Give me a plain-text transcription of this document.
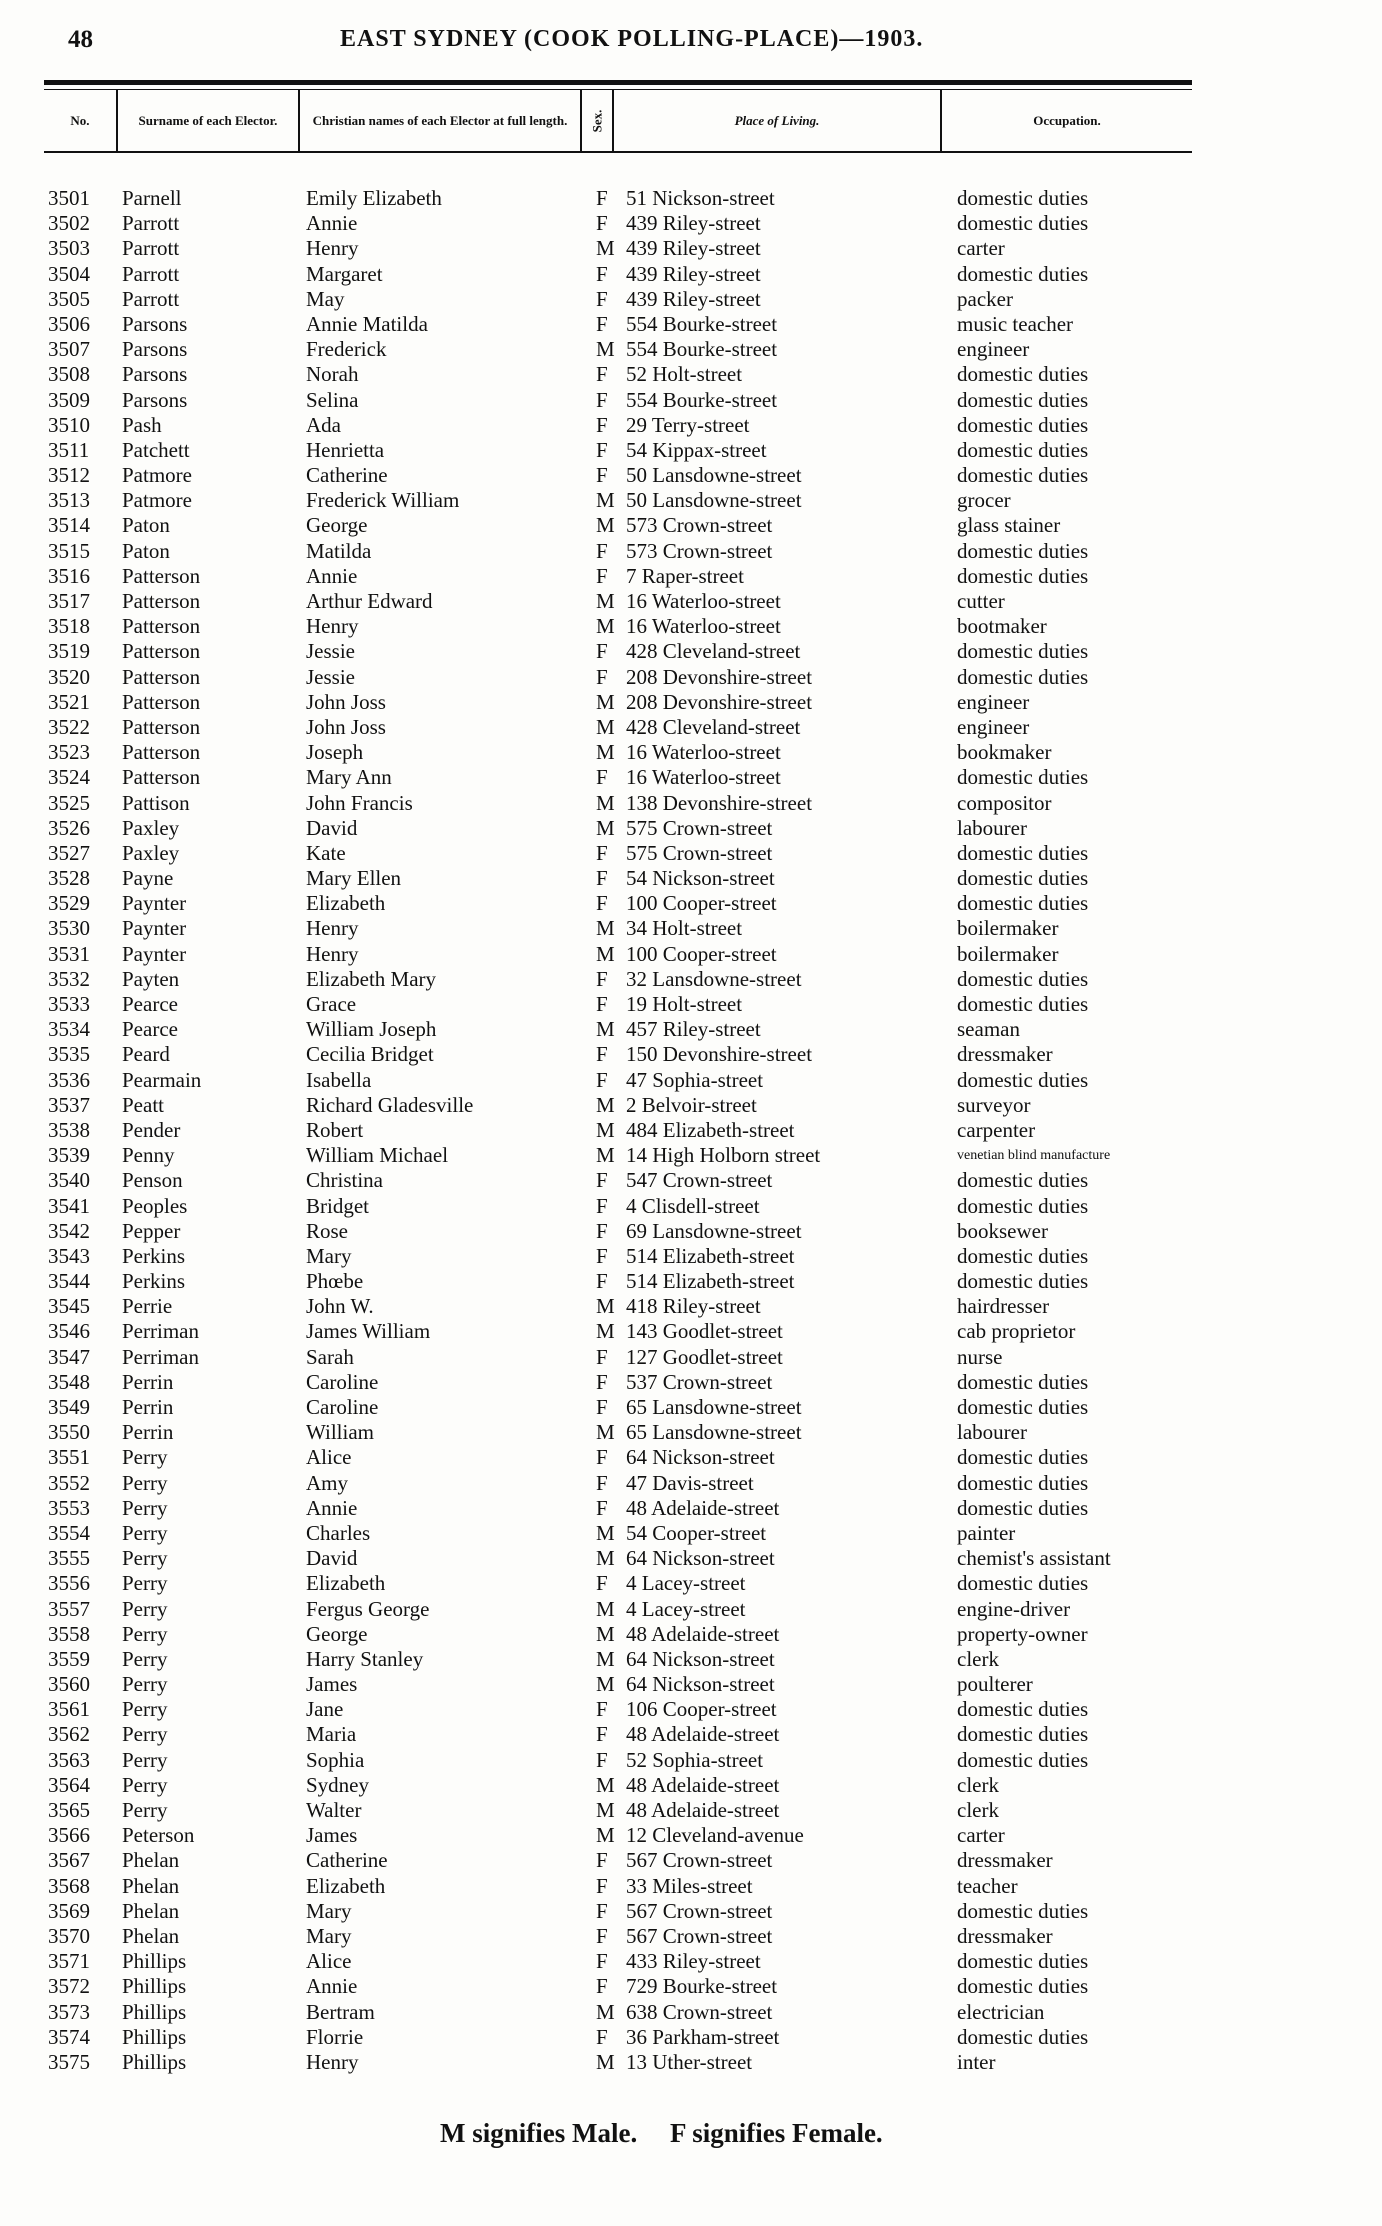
48	EAST SYDNEY (COOK POLLING-PLACE)—1903.
No.	Surname of each Elector.	Christian names of each Elector at full length.	Sex.	Place of Living.	Occupation.
3501 Parnell	Emily Elizabeth	F 51 Nickson-street	domestic duties
3502 Parrott	Annie	F 439 Riley-street	domestic duties
3503 Parrott	Henry	M 439 Riley-street	carter
3504 Parrott	Margaret	F 439 Riley-street	domestic duties
3505 Parrott	May	F 439 Riley-street	packer
3506 Parsons	Annie Matilda	F 554 Bourke-street	music teacher
3507 Parsons	Frederick	M 554 Bourke-street	engineer
3508 Parsons	Norah	F 52 Holt-street	domestic duties
3509 Parsons	Selina	F 554 Bourke-street	domestic duties
3510 Pash	Ada	F 29 Terry-street	domestic duties
3511 Patchett	Henrietta	F 54 Kippax-street	domestic duties
3512 Patmore	Catherine	F 50 Lansdowne-street	domestic duties
3513 Patmore	Frederick William	M 50 Lansdowne-street	grocer
3514 Paton	George	M 573 Crown-street	glass stainer
3515 Paton	Matilda	F 573 Crown-street	domestic duties
3516 Patterson	Annie	F 7 Raper-street	domestic duties
3517 Patterson	Arthur Edward	M 16 Waterloo-street	cutter
3518 Patterson	Henry	M 16 Waterloo-street	bootmaker
3519 Patterson	Jessie	F 428 Cleveland-street	domestic duties
3520 Patterson	Jessie	F 208 Devonshire-street	domestic duties
3521 Patterson	John Joss	M 208 Devonshire-street	engineer
3522 Patterson	John Joss	M 428 Cleveland-street	engineer
3523 Patterson	Joseph	M 16 Waterloo-street	bookmaker
3524 Patterson	Mary Ann	F 16 Waterloo-street	domestic duties
3525 Pattison	John Francis	M 138 Devonshire-street	compositor
3526 Paxley	David	M 575 Crown-street	labourer
3527 Paxley	Kate	F 575 Crown-street	domestic duties
3528 Payne	Mary Ellen	F 54 Nickson-street	domestic duties
3529 Paynter	Elizabeth	F 100 Cooper-street	domestic duties
3530 Paynter	Henry	M 34 Holt-street	boilermaker
3531 Paynter	Henry	M 100 Cooper-street	boilermaker
3532 Payten	Elizabeth Mary	F 32 Lansdowne-street	domestic duties
3533 Pearce	Grace	F 19 Holt-street	domestic duties
3534 Pearce	William Joseph	M 457 Riley-street	seaman
3535 Peard	Cecilia Bridget	F 150 Devonshire-street	dressmaker
3536 Pearmain	Isabella	F 47 Sophia-street	domestic duties
3537 Peatt	Richard Gladesville	M 2 Belvoir-street	surveyor
3538 Pender	Robert	M 484 Elizabeth-street	carpenter
3539 Penny	William Michael	M 14 High Holborn street	venetian blind manufacture
3540 Penson	Christina	F 547 Crown-street	domestic duties
3541 Peoples	Bridget	F 4 Clisdell-street	domestic duties
3542 Pepper	Rose	F 69 Lansdowne-street	booksewer
3543 Perkins	Mary	F 514 Elizabeth-street	domestic duties
3544 Perkins	Phœbe	F 514 Elizabeth-street	domestic duties
3545 Perrie	John W.	M 418 Riley-street	hairdresser
3546 Perriman	James William	M 143 Goodlet-street	cab proprietor
3547 Perriman	Sarah	F 127 Goodlet-street	nurse
3548 Perrin	Caroline	F 537 Crown-street	domestic duties
3549 Perrin	Caroline	F 65 Lansdowne-street	domestic duties
3550 Perrin	William	M 65 Lansdowne-street	labourer
3551 Perry	Alice	F 64 Nickson-street	domestic duties
3552 Perry	Amy	F 47 Davis-street	domestic duties
3553 Perry	Annie	F 48 Adelaide-street	domestic duties
3554 Perry	Charles	M 54 Cooper-street	painter
3555 Perry	David	M 64 Nickson-street	chemist's assistant
3556 Perry	Elizabeth	F 4 Lacey-street	domestic duties
3557 Perry	Fergus George	M 4 Lacey-street	engine-driver
3558 Perry	George	M 48 Adelaide-street	property-owner
3559 Perry	Harry Stanley	M 64 Nickson-street	clerk
3560 Perry	James	M 64 Nickson-street	poulterer
3561 Perry	Jane	F 106 Cooper-street	domestic duties
3562 Perry	Maria	F 48 Adelaide-street	domestic duties
3563 Perry	Sophia	F 52 Sophia-street	domestic duties
3564 Perry	Sydney	M 48 Adelaide-street	clerk
3565 Perry	Walter	M 48 Adelaide-street	clerk
3566 Peterson	James	M 12 Cleveland-avenue	carter
3567 Phelan	Catherine	F 567 Crown-street	dressmaker
3568 Phelan	Elizabeth	F 33 Miles-street	teacher
3569 Phelan	Mary	F 567 Crown-street	domestic duties
3570 Phelan	Mary	F 567 Crown-street	dressmaker
3571 Phillips	Alice	F 433 Riley-street	domestic duties
3572 Phillips	Annie	F 729 Bourke-street	domestic duties
3573 Phillips	Bertram	M 638 Crown-street	electrician
3574 Phillips	Florrie	F 36 Parkham-street	domestic duties
3575 Phillips	Henry	M 13 Uther-street	inter
M signifies Male. F signifies Female.
